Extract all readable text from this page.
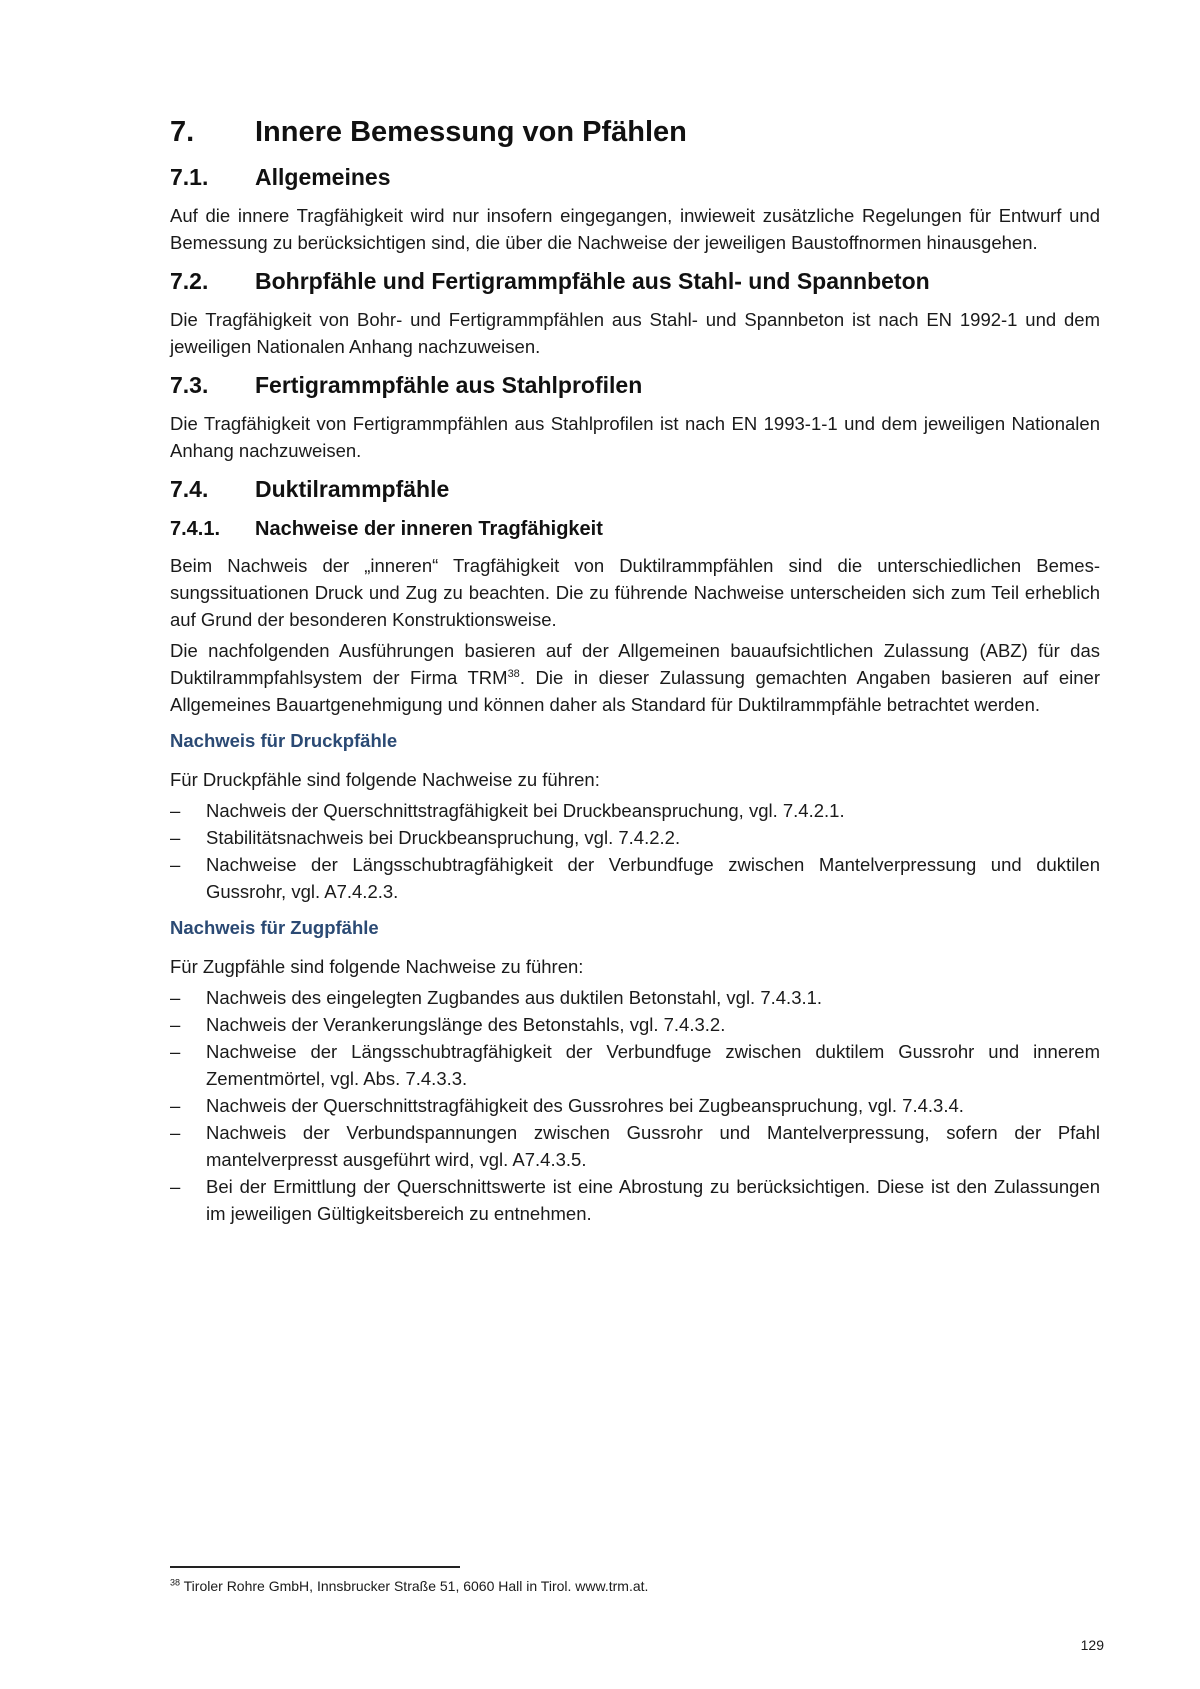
7.	Innere Bemessung von Pfählen
7.1.	Allgemeines

Auf die innere Tragfähigkeit wird nur insofern eingegangen, inwieweit zusätzliche Regelungen für Entwurf und Bemessung zu berücksichtigen sind, die über die Nachweise der jeweiligen Baustoffnormen hinausgehen.

7.2.	Bohrpfähle und Fertigrammpfähle aus Stahl- und Spannbeton

Die Tragfähigkeit von Bohr- und Fertigrammpfählen aus Stahl- und Spannbeton ist nach EN 1992-1 und dem jeweiligen Nationalen Anhang nachzuweisen.

7.3.	Fertigrammpfähle aus Stahlprofilen

Die Tragfähigkeit von Fertigrammpfählen aus Stahlprofilen ist nach EN 1993-1-1 und dem jeweiligen Nationalen Anhang nachzuweisen.

7.4.	Duktilrammpfähle
7.4.1.	Nachweise der inneren Tragfähigkeit

Beim Nachweis der „inneren“ Tragfähigkeit von Duktilrammpfählen sind die unterschiedlichen Bemessungssituationen Druck und Zug zu beachten. Die zu führende Nachweise unterscheiden sich zum Teil erheblich auf Grund der besonderen Konstruktionsweise.

Die nachfolgenden Ausführungen basieren auf der Allgemeinen bauaufsichtlichen Zulassung (ABZ) für das Duktilrammpfahlsystem der Firma TRM$^{38}$. Die in dieser Zulassung gemachten Angaben basieren auf einer Allgemeines Bauartgenehmigung und können daher als Standard für Duktilrammpfähle betrachtet werden.

Nachweis für Druckpfähle

Für Druckpfähle sind folgende Nachweise zu führen:

– Nachweis der Querschnittstragfähigkeit bei Druckbeanspruchung, vgl. 7.4.2.1.
– Stabilitätsnachweis bei Druckbeanspruchung, vgl. 7.4.2.2.
– Nachweise der Längsschubtragfähigkeit der Verbundfuge zwischen Mantelverpressung und duktilen Gussrohr, vgl. A7.4.2.3.
Nachweis für Zugpfähle

Für Zugpfähle sind folgende Nachweise zu führen:

– Nachweis des eingelegten Zugbandes aus duktilen Betonstahl, vgl. 7.4.3.1.
– Nachweis der Verankerungslänge des Betonstahls, vgl. 7.4.3.2.
– Nachweise der Längsschubtragfähigkeit der Verbundfuge zwischen duktilem Gussrohr und innerem Zementmörtel, vgl. Abs. 7.4.3.3.
– Nachweis der Querschnittstragfähigkeit des Gussrohres bei Zugbeanspruchung, vgl. 7.4.3.4.
– Nachweis der Verbundspannungen zwischen Gussrohr und Mantelverpressung, sofern der Pfahl mantelverpresst ausgeführt wird, vgl. A7.4.3.5.
– Bei der Ermittlung der Querschnittswerte ist eine Abrostung zu berücksichtigen. Diese ist den Zulassungen im jeweiligen Gültigkeitsbereich zu entnehmen.
$^{38}$ Tiroler Rohre GmbH, Innsbrucker Straße 51, 6060 Hall in Tirol. www.trm.at.
129
